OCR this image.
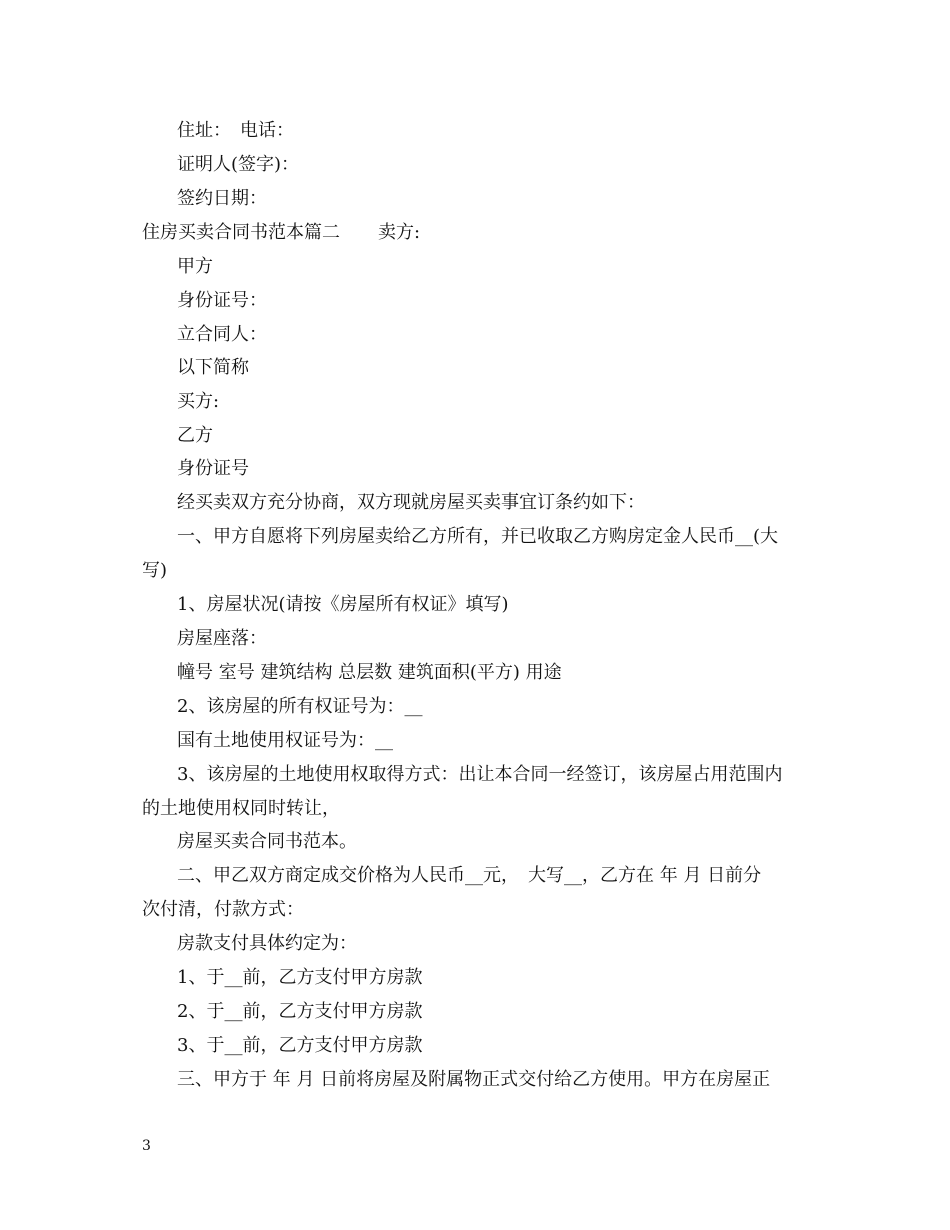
住址：　电话：
证明人(签字)：
签约日期：
住房买卖合同书范本篇二 卖方:
甲方
身份证号：
立合同人：
以下简称
买方:
乙方
身份证号
经买卖双方充分协商，双方现就房屋买卖事宜订条约如下：
一、甲方自愿将下列房屋卖给乙方所有，并已收取乙方购房定金人民币__(大
写)
1、房屋状况(请按《房屋所有权证》填写)
房屋座落：
幢号 室号 建筑结构 总层数 建筑面积(平方) 用途
2、该房屋的所有权证号为：__
国有土地使用权证号为：__
3、该房屋的土地使用权取得方式：出让本合同一经签订，该房屋占用范围内
的土地使用权同时转让，
房屋买卖合同书范本。
二、甲乙双方商定成交价格为人民币__元，　大写__，乙方在 年 月 日前分
次付清，付款方式：
房款支付具体约定为：
1、于__前，乙方支付甲方房款
2、于__前，乙方支付甲方房款
3、于__前，乙方支付甲方房款
三、甲方于 年 月 日前将房屋及附属物正式交付给乙方使用。甲方在房屋正
3
